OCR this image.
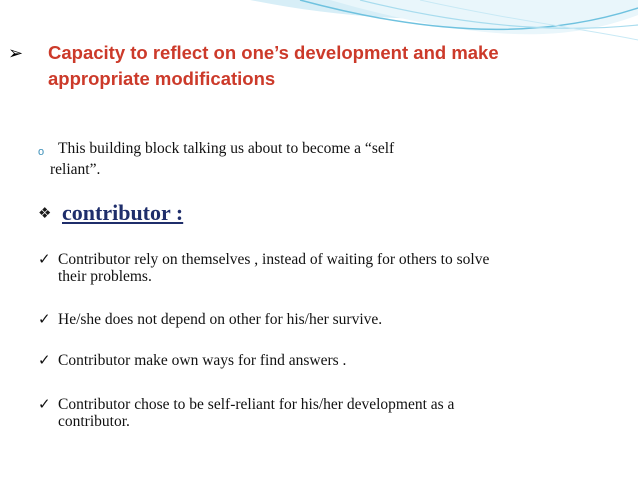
➢	Capacity to reflect on one’s development and make
appropriate modifications
o This building block talking us about to become a “self
reliant”.
❖ contributor :
✓ Contributor rely on themselves , instead of waiting for others to solve
their problems.
✓ He/she does not depend on other for his/her survive.
✓ Contributor make own ways for find answers .
✓ Contributor chose to be self-reliant for his/her development as a
contributor.
